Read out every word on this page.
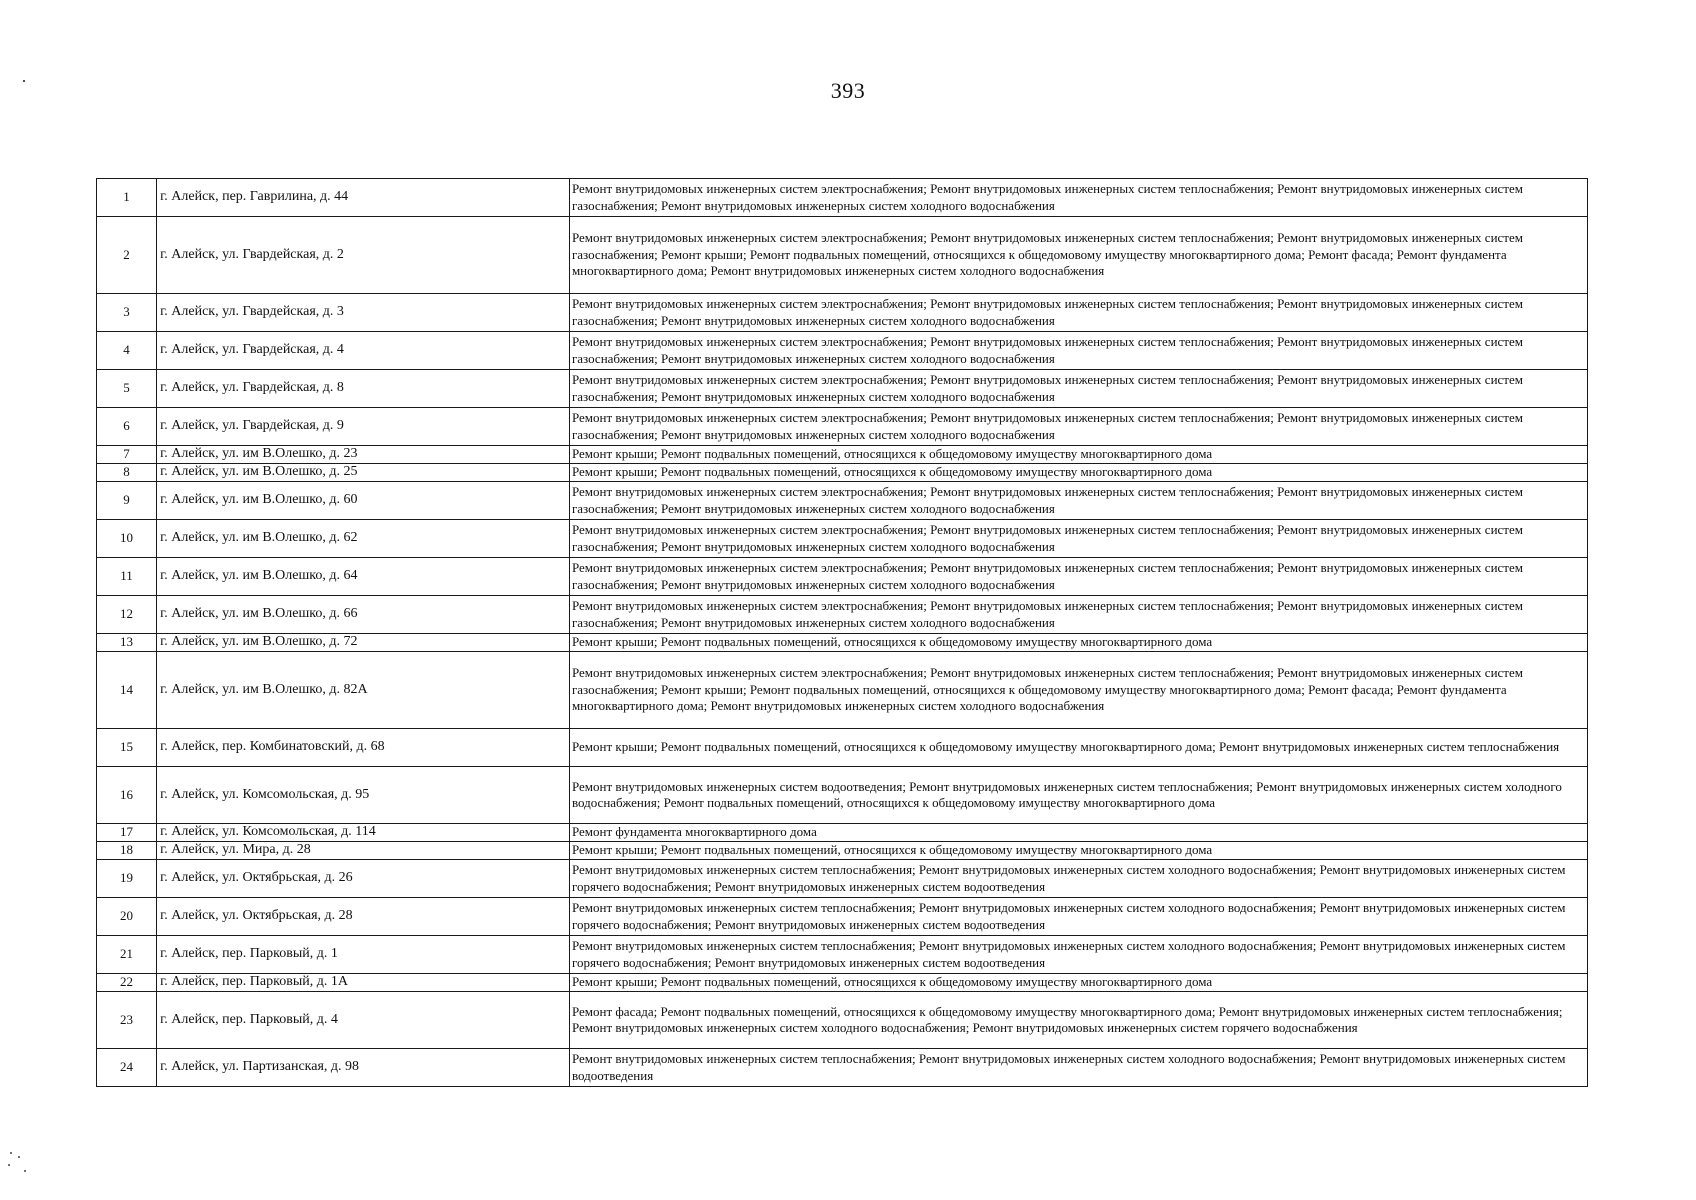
393
1	г. Алейск, пер. Гаврилина, д. 44	Ремонт внутридомовых инженерных систем электроснабжения; Ремонт внутридомовых инженерных систем теплоснабжения; Ремонт внутридомовых инженерных систем газоснабжения; Ремонт внутридомовых инженерных систем холодного водоснабжения
2	г. Алейск, ул. Гвардейская, д. 2	Ремонт внутридомовых инженерных систем электроснабжения; Ремонт внутридомовых инженерных систем теплоснабжения; Ремонт внутридомовых инженерных систем газоснабжения; Ремонт крыши; Ремонт подвальных помещений, относящихся к общедомовому имуществу многоквартирного дома; Ремонт фасада; Ремонт фундамента многоквартирного дома; Ремонт внутридомовых инженерных систем холодного водоснабжения
3	г. Алейск, ул. Гвардейская, д. 3	Ремонт внутридомовых инженерных систем электроснабжения; Ремонт внутридомовых инженерных систем теплоснабжения; Ремонт внутридомовых инженерных систем газоснабжения; Ремонт внутридомовых инженерных систем холодного водоснабжения
4	г. Алейск, ул. Гвардейская, д. 4	Ремонт внутридомовых инженерных систем электроснабжения; Ремонт внутридомовых инженерных систем теплоснабжения; Ремонт внутридомовых инженерных систем газоснабжения; Ремонт внутридомовых инженерных систем холодного водоснабжения
5	г. Алейск, ул. Гвардейская, д. 8	Ремонт внутридомовых инженерных систем электроснабжения; Ремонт внутридомовых инженерных систем теплоснабжения; Ремонт внутридомовых инженерных систем газоснабжения; Ремонт внутридомовых инженерных систем холодного водоснабжения
6	г. Алейск, ул. Гвардейская, д. 9	Ремонт внутридомовых инженерных систем электроснабжения; Ремонт внутридомовых инженерных систем теплоснабжения; Ремонт внутридомовых инженерных систем газоснабжения; Ремонт внутридомовых инженерных систем холодного водоснабжения
7	г. Алейск, ул. им В.Олешко, д. 23	Ремонт крыши; Ремонт подвальных помещений, относящихся к общедомовому имуществу многоквартирного дома
8	г. Алейск, ул. им В.Олешко, д. 25	Ремонт крыши; Ремонт подвальных помещений, относящихся к общедомовому имуществу многоквартирного дома
9	г. Алейск, ул. им В.Олешко, д. 60	Ремонт внутридомовых инженерных систем электроснабжения; Ремонт внутридомовых инженерных систем теплоснабжения; Ремонт внутридомовых инженерных систем газоснабжения; Ремонт внутридомовых инженерных систем холодного водоснабжения
10	г. Алейск, ул. им В.Олешко, д. 62	Ремонт внутридомовых инженерных систем электроснабжения; Ремонт внутридомовых инженерных систем теплоснабжения; Ремонт внутридомовых инженерных систем газоснабжения; Ремонт внутридомовых инженерных систем холодного водоснабжения
11	г. Алейск, ул. им В.Олешко, д. 64	Ремонт внутридомовых инженерных систем электроснабжения; Ремонт внутридомовых инженерных систем теплоснабжения; Ремонт внутридомовых инженерных систем газоснабжения; Ремонт внутридомовых инженерных систем холодного водоснабжения
12	г. Алейск, ул. им В.Олешко, д. 66	Ремонт внутридомовых инженерных систем электроснабжения; Ремонт внутридомовых инженерных систем теплоснабжения; Ремонт внутридомовых инженерных систем газоснабжения; Ремонт внутридомовых инженерных систем холодного водоснабжения
13	г. Алейск, ул. им В.Олешко, д. 72	Ремонт крыши; Ремонт подвальных помещений, относящихся к общедомовому имуществу многоквартирного дома
14	г. Алейск, ул. им В.Олешко, д. 82А	Ремонт внутридомовых инженерных систем электроснабжения; Ремонт внутридомовых инженерных систем теплоснабжения; Ремонт внутридомовых инженерных систем газоснабжения; Ремонт крыши; Ремонт подвальных помещений, относящихся к общедомовому имуществу многоквартирного дома; Ремонт фасада; Ремонт фундамента многоквартирного дома; Ремонт внутридомовых инженерных систем холодного водоснабжения
15	г. Алейск, пер. Комбинатовский, д. 68	Ремонт крыши; Ремонт подвальных помещений, относящихся к общедомовому имуществу многоквартирного дома; Ремонт внутридомовых инженерных систем теплоснабжения
16	г. Алейск, ул. Комсомольская, д. 95	Ремонт внутридомовых инженерных систем водоотведения; Ремонт внутридомовых инженерных систем теплоснабжения; Ремонт внутридомовых инженерных систем холодного водоснабжения; Ремонт подвальных помещений, относящихся к общедомовому имуществу многоквартирного дома
17	г. Алейск, ул. Комсомольская, д. 114	Ремонт фундамента многоквартирного дома
18	г. Алейск, ул. Мира, д. 28	Ремонт крыши; Ремонт подвальных помещений, относящихся к общедомовому имуществу многоквартирного дома
19	г. Алейск, ул. Октябрьская, д. 26	Ремонт внутридомовых инженерных систем теплоснабжения; Ремонт внутридомовых инженерных систем холодного водоснабжения; Ремонт внутридомовых инженерных систем горячего водоснабжения; Ремонт внутридомовых инженерных систем водоотведения
20	г. Алейск, ул. Октябрьская, д. 28	Ремонт внутридомовых инженерных систем теплоснабжения; Ремонт внутридомовых инженерных систем холодного водоснабжения; Ремонт внутридомовых инженерных систем горячего водоснабжения; Ремонт внутридомовых инженерных систем водоотведения
21	г. Алейск, пер. Парковый, д. 1	Ремонт внутридомовых инженерных систем теплоснабжения; Ремонт внутридомовых инженерных систем холодного водоснабжения; Ремонт внутридомовых инженерных систем горячего водоснабжения; Ремонт внутридомовых инженерных систем водоотведения
22	г. Алейск, пер. Парковый, д. 1А	Ремонт крыши; Ремонт подвальных помещений, относящихся к общедомовому имуществу многоквартирного дома
23	г. Алейск, пер. Парковый, д. 4	Ремонт фасада; Ремонт подвальных помещений, относящихся к общедомовому имуществу многоквартирного дома; Ремонт внутридомовых инженерных систем теплоснабжения; Ремонт внутридомовых инженерных систем холодного водоснабжения; Ремонт внутридомовых инженерных систем горячего водоснабжения
24	г. Алейск, ул. Партизанская, д. 98	Ремонт внутридомовых инженерных систем теплоснабжения; Ремонт внутридомовых инженерных систем холодного водоснабжения; Ремонт внутридомовых инженерных систем водоотведения
